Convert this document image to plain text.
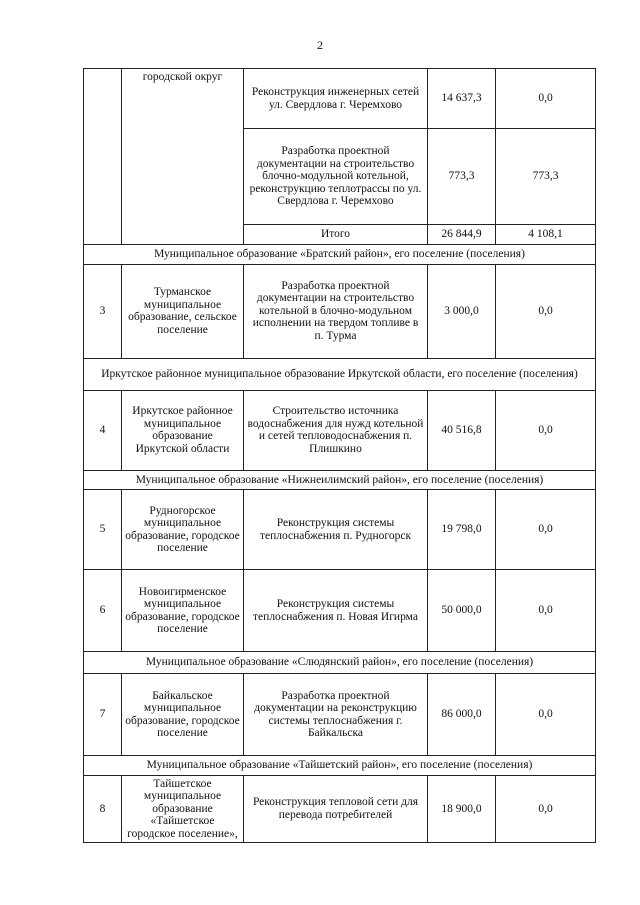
2
	городской округ	Реконструкция инженерных сетей ул. Свердлова г. Черемхово	14 637,3	0,0
		Разработка проектной документации на строительство блочно-модульной котельной, реконструкцию теплотрассы по ул. Свердлова г. Черемхово	773,3	773,3
		Итого	26 844,9	4 108,1
Муниципальное образование «Братский район», его поселение (поселения)				
3	Турманское муниципальное образование, сельское поселение	Разработка проектной документации на строительство котельной в блочно-модульном исполнении на твердом топливе в п. Турма	3 000,0	0,0
Иркутское районное муниципальное образование Иркутской области, его поселение (поселения)				
4	Иркутское районное муниципальное образование Иркутской области	Строительство источника водоснабжения для нужд котельной и сетей тепловодоснабжения п. Плишкино	40 516,8	0,0
Муниципальное образование «Нижнеилимский район», его поселение (поселения)				
5	Рудногорское муниципальное образование, городское поселение	Реконструкция системы теплоснабжения п. Рудногорск	19 798,0	0,0
6	Новоигирменское муниципальное образование, городское поселение	Реконструкция системы теплоснабжения п. Новая Игирма	50 000,0	0,0
Муниципальное образование «Слюдянский район», его поселение (поселения)				
7	Байкальское муниципальное образование, городское поселение	Разработка проектной документации на реконструкцию системы теплоснабжения г. Байкальска	86 000,0	0,0
Муниципальное образование «Тайшетский район», его поселение (поселения)				
8	Тайшетское муниципальное образование «Тайшетское городское поселение»,	Реконструкция тепловой сети для перевода потребителей	18 900,0	0,0
